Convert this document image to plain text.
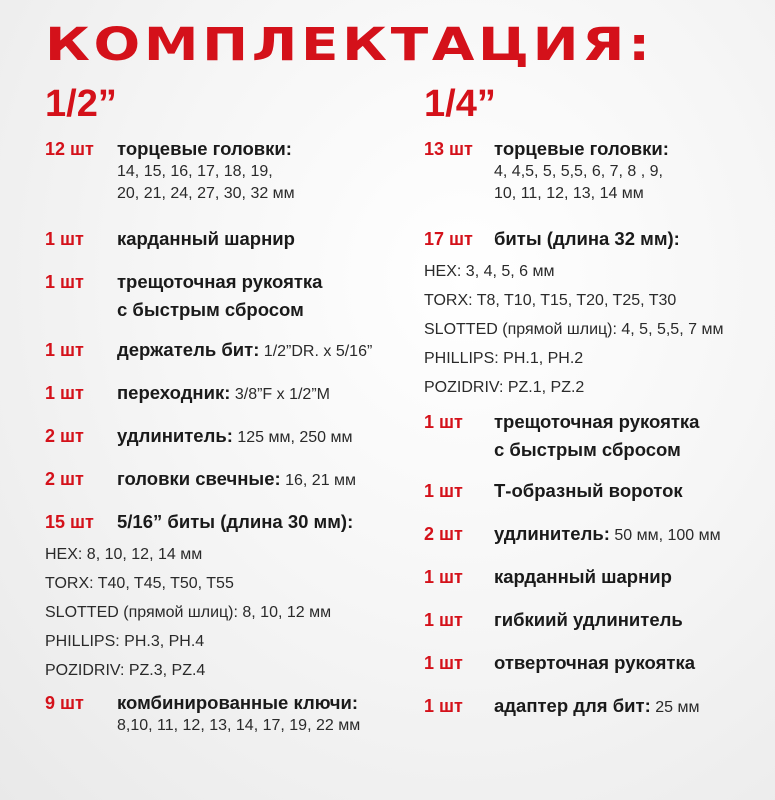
КОМПЛЕКТАЦИЯ:
1/2”
12 шт торцевые головки:
14, 15, 16, 17, 18, 19,
20, 21, 24, 27, 30, 32 мм
1 шт карданный шарнир
1 шт трещоточная рукоятка
с быстрым сбросом
1 шт держатель бит: 1/2”DR. x 5/16”
1 шт переходник: 3/8”F x 1/2”M
2 шт удлинитель: 125 мм, 250 мм
2 шт головки свечные: 16, 21 мм
15 шт 5/16” биты (длина 30 мм):
HEX: 8, 10, 12, 14 мм
TORX: T40, T45, T50, T55
SLOTTED (прямой шлиц): 8, 10, 12 мм
PHILLIPS: PH.3, PH.4
POZIDRIV: PZ.3, PZ.4
9 шт комбинированные ключи:
8,10, 11, 12, 13, 14, 17, 19, 22 мм
1/4”
13 шт торцевые головки:
4, 4,5, 5, 5,5, 6, 7, 8 , 9,
10, 11, 12, 13, 14 мм
17 шт биты (длина 32 мм):
HEX: 3, 4, 5, 6 мм
TORX: T8, T10, T15, T20, T25, T30
SLOTTED (прямой шлиц): 4, 5, 5,5, 7 мм
PHILLIPS: PH.1, PH.2
POZIDRIV: PZ.1, PZ.2
1 шт трещоточная рукоятка
с быстрым сбросом
1 шт Т-образный вороток
2 шт удлинитель: 50 мм, 100 мм
1 шт карданный шарнир
1 шт гибкиий удлинитель
1 шт отверточная рукоятка
1 шт адаптер для бит: 25 мм
